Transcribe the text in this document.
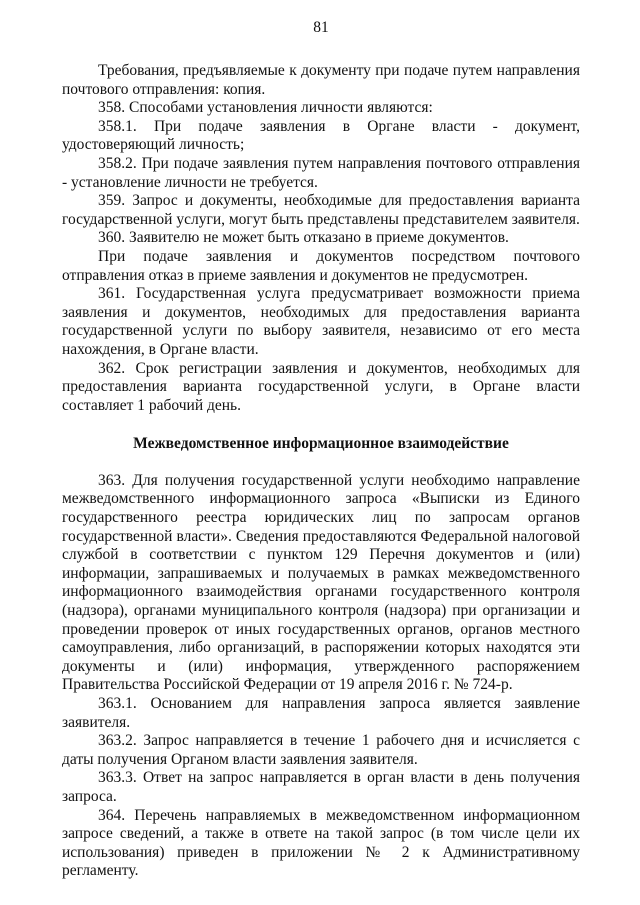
81

Требования, предъявляемые к документу при подаче путем направления почтового отправления: копия.

358. Способами установления личности являются:

358.1. При подаче заявления в Органе власти - документ, удостоверяющий личность;

358.2. При подаче заявления путем направления почтового отправления - установление личности не требуется.

359. Запрос и документы, необходимые для предоставления варианта государственной услуги, могут быть представлены представителем заявителя.

360. Заявителю не может быть отказано в приеме документов.

При подаче заявления и документов посредством почтового отправления отказ в приеме заявления и документов не предусмотрен.

361. Государственная услуга предусматривает возможности приема заявления и документов, необходимых для предоставления варианта государственной услуги по выбору заявителя, независимо от его места нахождения, в Органе власти.

362. Срок регистрации заявления и документов, необходимых для предоставления варианта государственной услуги, в Органе власти составляет 1 рабочий день.

Межведомственное информационное взаимодействие

363. Для получения государственной услуги необходимо направление межведомственного информационного запроса «Выписки из Единого государственного реестра юридических лиц по запросам органов государственной власти». Сведения предоставляются Федеральной налоговой службой в соответствии с пунктом 129 Перечня документов и (или) информации, запрашиваемых и получаемых в рамках межведомственного информационного взаимодействия органами государственного контроля (надзора), органами муниципального контроля (надзора) при организации и проведении проверок от иных государственных органов, органов местного самоуправления, либо организаций, в распоряжении которых находятся эти документы и (или) информация, утвержденного распоряжением Правительства Российской Федерации от 19 апреля 2016 г. № 724-р.

363.1. Основанием для направления запроса является заявление заявителя.

363.2. Запрос направляется в течение 1 рабочего дня и исчисляется с даты получения Органом власти заявления заявителя.

363.3. Ответ на запрос направляется в орган власти в день получения запроса.

364. Перечень направляемых в межведомственном информационном запросе сведений, а также в ответе на такой запрос (в том числе цели их использования) приведен в приложении № 2 к Административному регламенту.
